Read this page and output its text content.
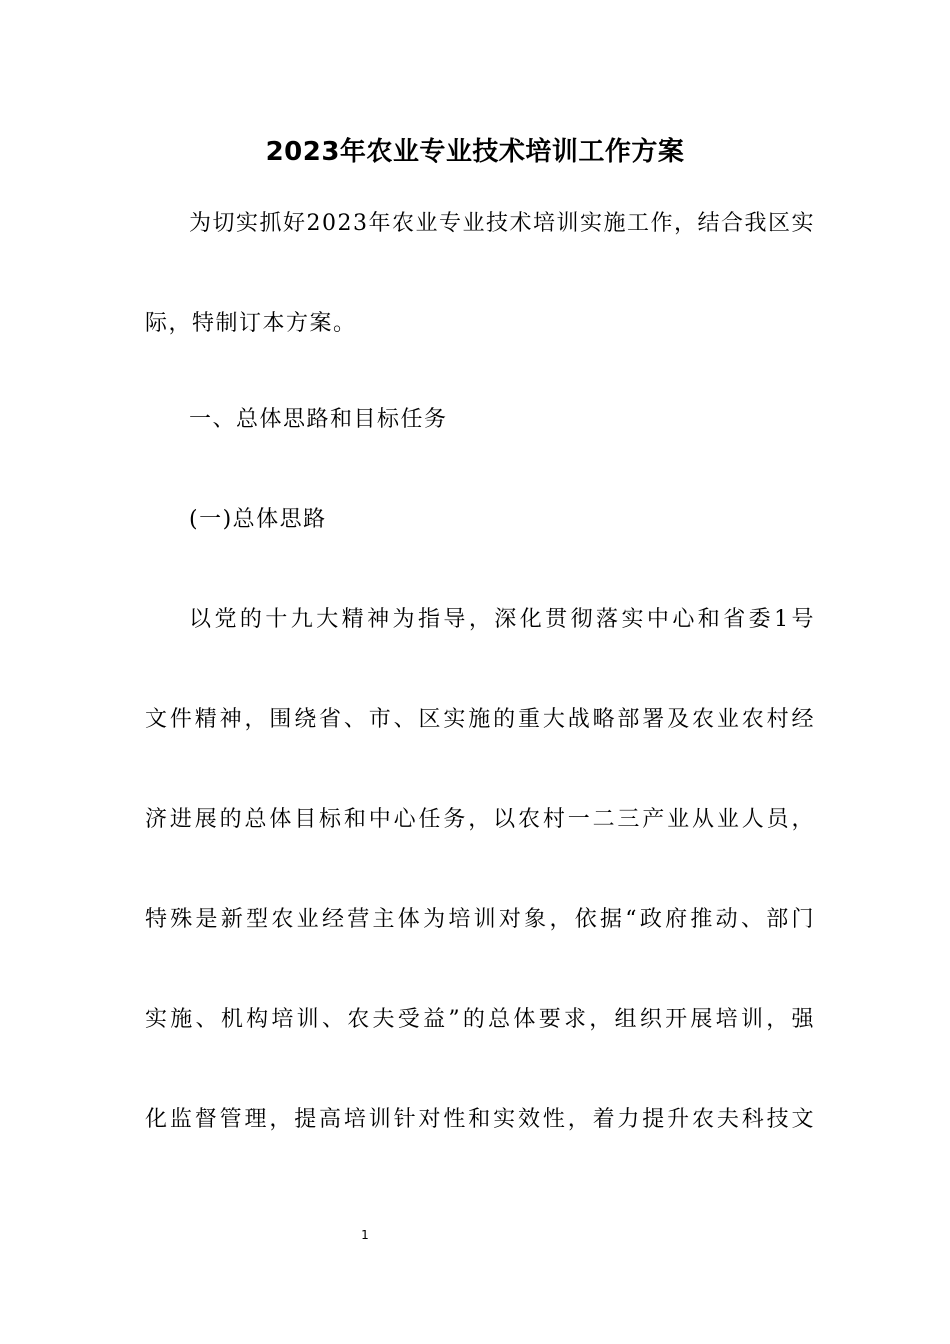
2023年农业专业技术培训工作方案
为切实抓好2023年农业专业技术培训实施工作，结合我区实
际，特制订本方案。
一、总体思路和目标任务
(一)总体思路
以党的十九大精神为指导，深化贯彻落实中心和省委1号
文件精神，围绕省、市、区实施的重大战略部署及农业农村经
济进展的总体目标和中心任务，以农村一二三产业从业人员，
特殊是新型农业经营主体为培训对象，依据“政府推动、部门
实施、机构培训、农夫受益”的总体要求，组织开展培训，强
化监督管理，提高培训针对性和实效性，着力提升农夫科技文
1
